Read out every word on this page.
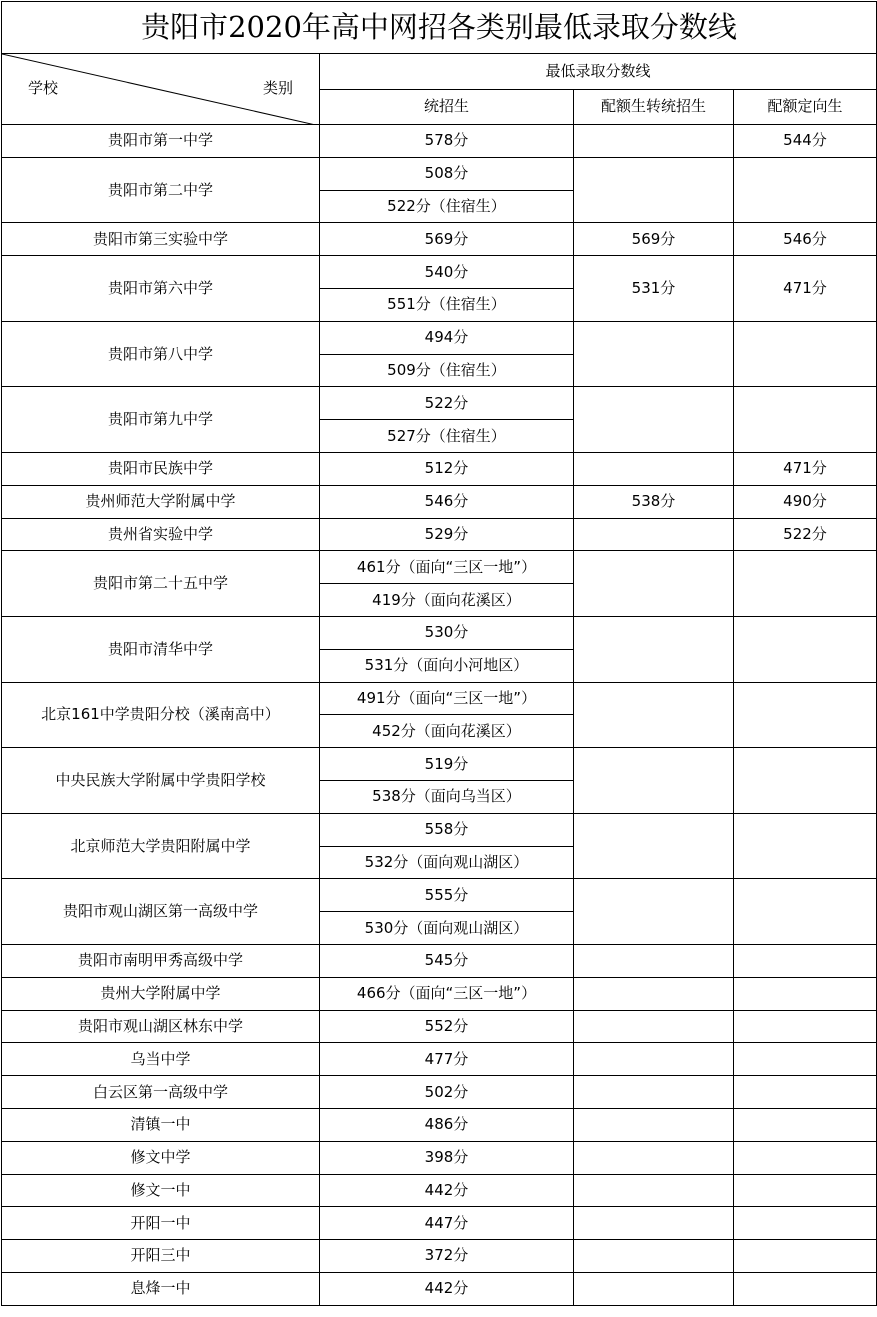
贵阳市2020年高中网招各类别最低录取分数线			

学校 类别	最低录取分数线		
	统招生	配额生转统招生	配额定向生
贵阳市第一中学	578分		544分
贵阳市第二中学	508分		
	522分（住宿生）		
贵阳市第三实验中学	569分	569分	546分
贵阳市第六中学	540分	531分	471分
	551分（住宿生）		
贵阳市第八中学	494分		
	509分（住宿生）		
贵阳市第九中学	522分		
	527分（住宿生）		
贵阳市民族中学	512分		471分
贵州师范大学附属中学	546分	538分	490分
贵州省实验中学	529分		522分
贵阳市第二十五中学	461分（面向“三区一地”）		
	419分（面向花溪区）		
贵阳市清华中学	530分		
	531分（面向小河地区）		
北京161中学贵阳分校（溪南高中）	491分（面向“三区一地”）		
	452分（面向花溪区）		
中央民族大学附属中学贵阳学校	519分		
	538分（面向乌当区）		
北京师范大学贵阳附属中学	558分		
	532分（面向观山湖区）		
贵阳市观山湖区第一高级中学	555分		
	530分（面向观山湖区）		
贵阳市南明甲秀高级中学	545分		
贵州大学附属中学	466分（面向“三区一地”）		
贵阳市观山湖区林东中学	552分		
乌当中学	477分		
白云区第一高级中学	502分		
清镇一中	486分		
修文中学	398分		
修文一中	442分		
开阳一中	447分		
开阳三中	372分		
息烽一中	442分		
